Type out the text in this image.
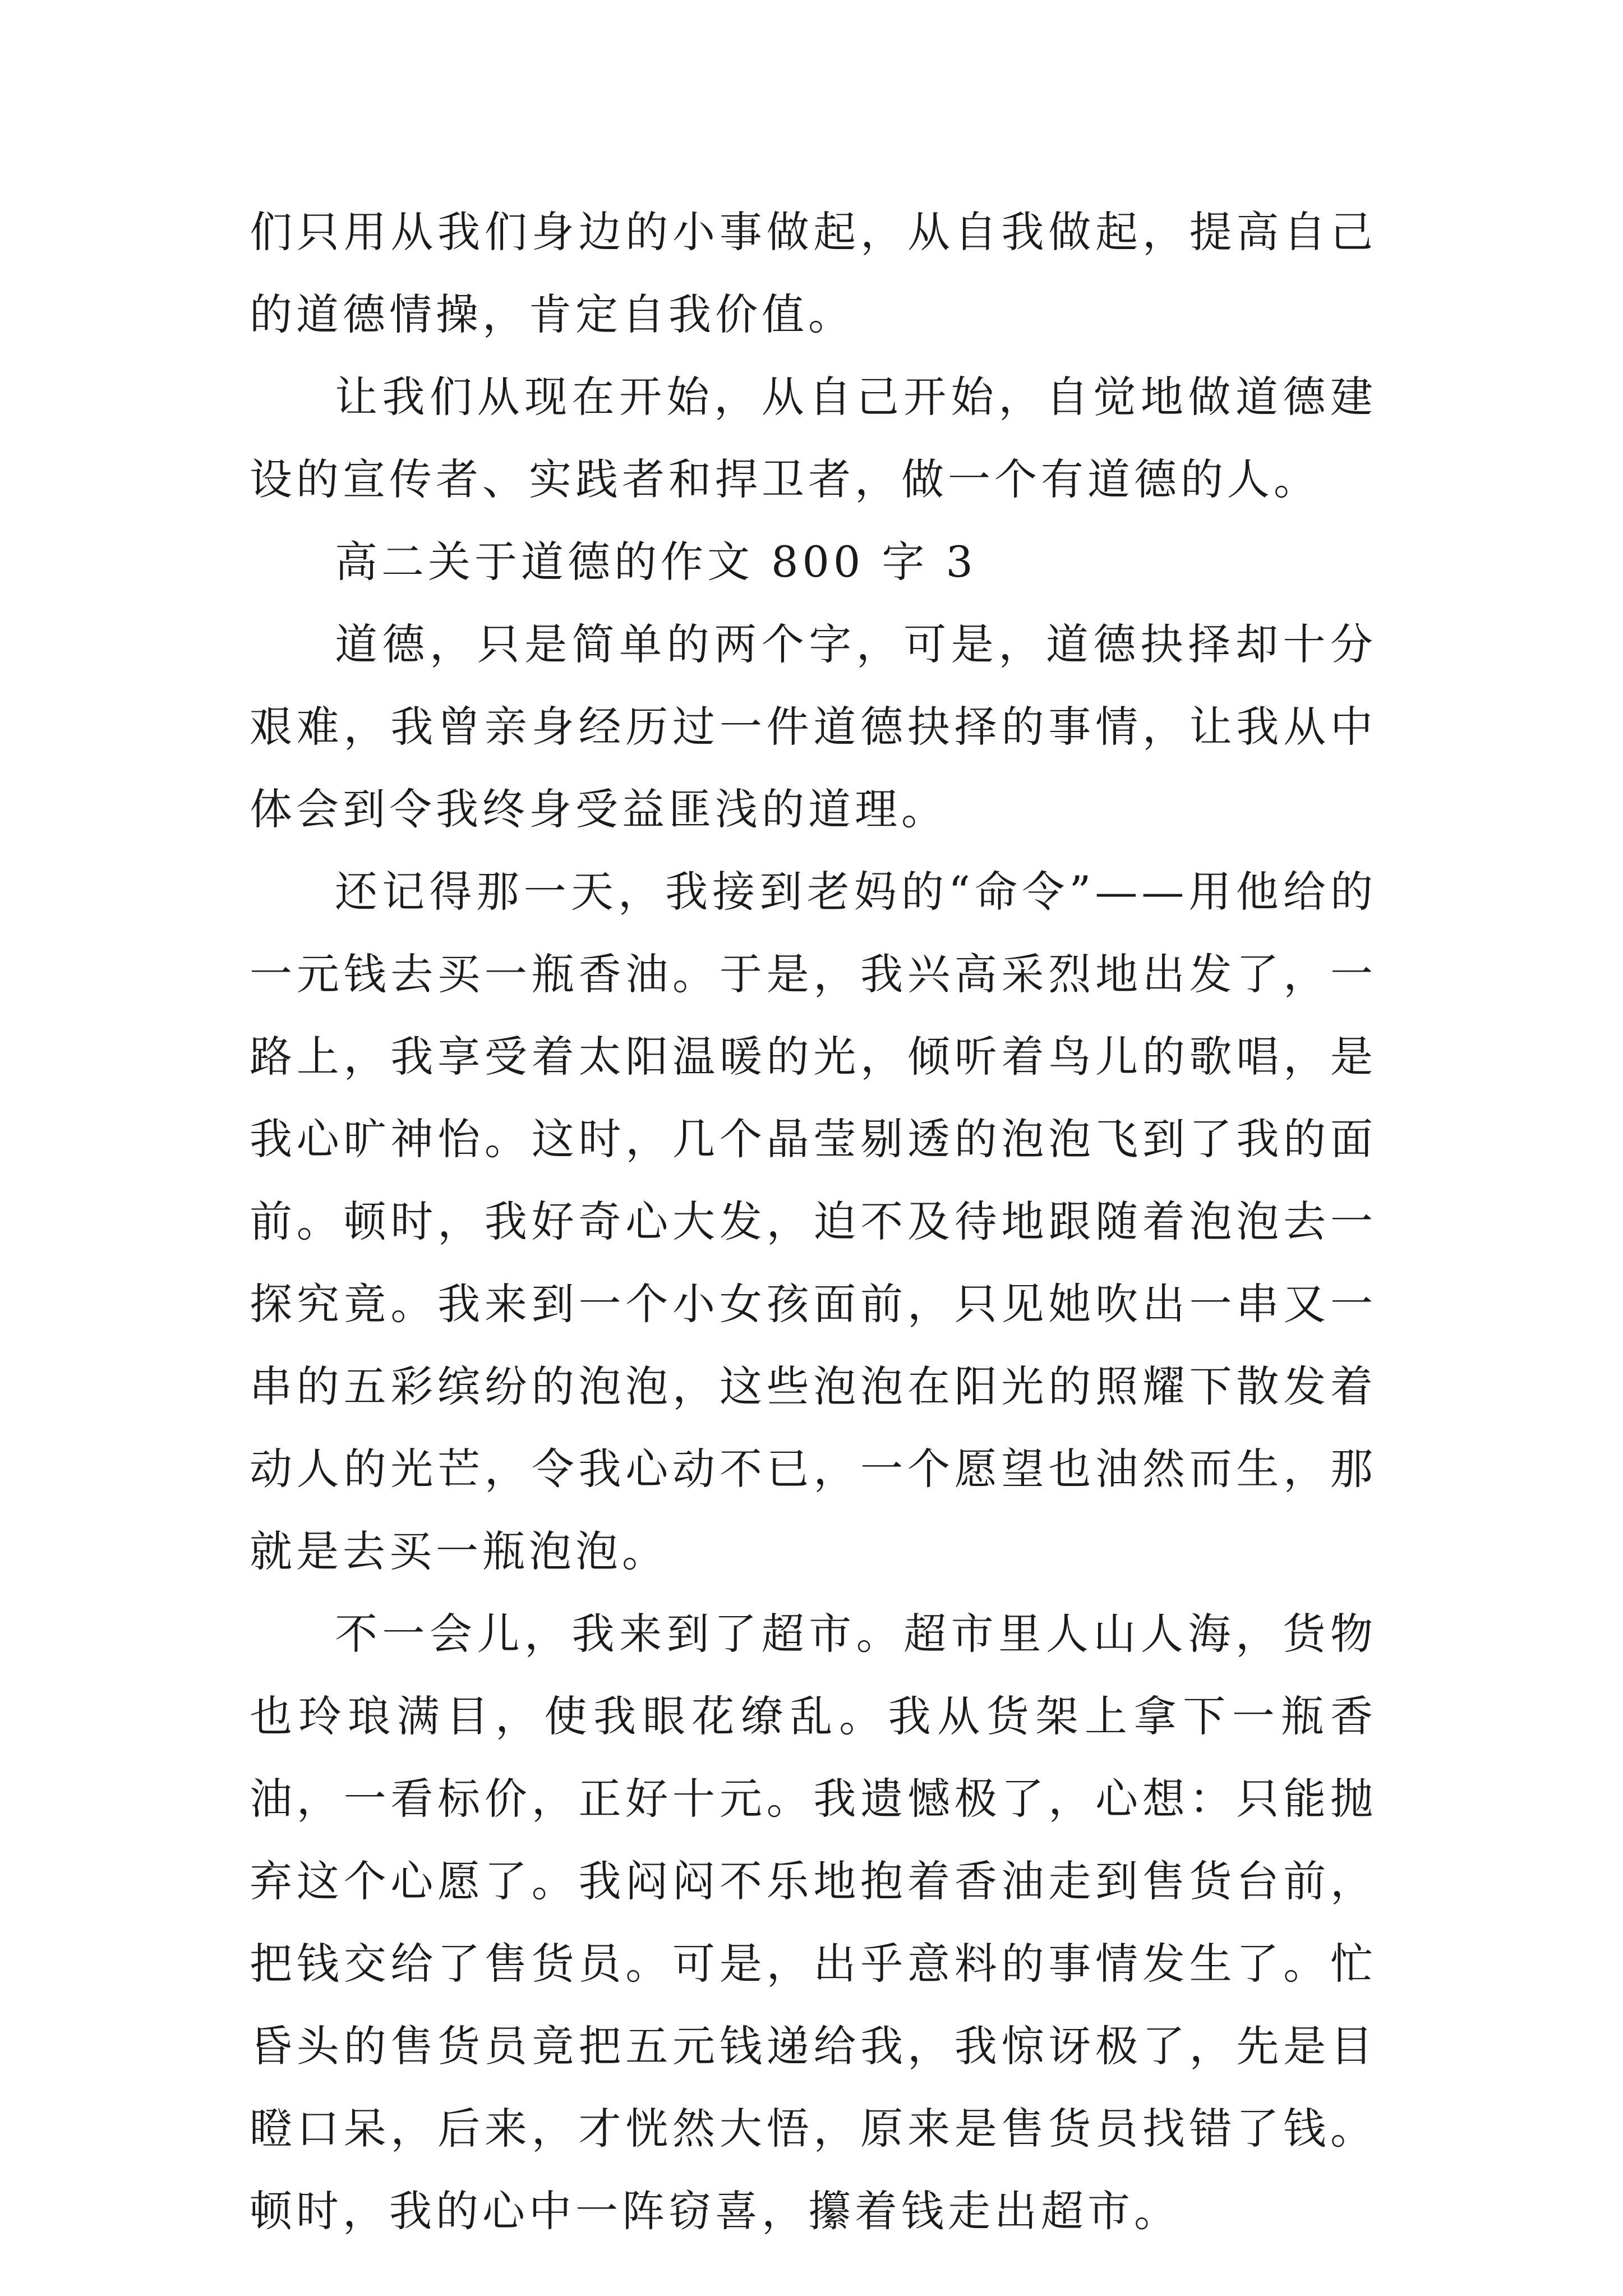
们只用从我们身边的小事做起，从自我做起，提高自己的道德情操，肯定自我价值。

让我们从现在开始，从自己开始，自觉地做道德建设的宣传者、实践者和捍卫者，做一个有道德的人。

高二关于道德的作文 800 字 3

道德，只是简单的两个字，可是，道德抉择却十分艰难，我曾亲身经历过一件道德抉择的事情，让我从中体会到令我终身受益匪浅的道理。

还记得那一天，我接到老妈的“命令”——用他给的一元钱去买一瓶香油。于是，我兴高采烈地出发了，一路上，我享受着太阳温暖的光，倾听着鸟儿的歌唱，是我心旷神怡。这时，几个晶莹剔透的泡泡飞到了我的面前。顿时，我好奇心大发，迫不及待地跟随着泡泡去一探究竟。我来到一个小女孩面前，只见她吹出一串又一串的五彩缤纷的泡泡，这些泡泡在阳光的照耀下散发着动人的光芒，令我心动不已，一个愿望也油然而生，那就是去买一瓶泡泡。

不一会儿，我来到了超市。超市里人山人海，货物也玲琅满目，使我眼花缭乱。我从货架上拿下一瓶香油，一看标价，正好十元。我遗憾极了，心想：只能抛弃这个心愿了。我闷闷不乐地抱着香油走到售货台前，把钱交给了售货员。可是，出乎意料的事情发生了。忙昏头的售货员竟把五元钱递给我，我惊讶极了，先是目瞪口呆，后来，才恍然大悟，原来是售货员找错了钱。顿时，我的心中一阵窃喜，攥着钱走出超市。
